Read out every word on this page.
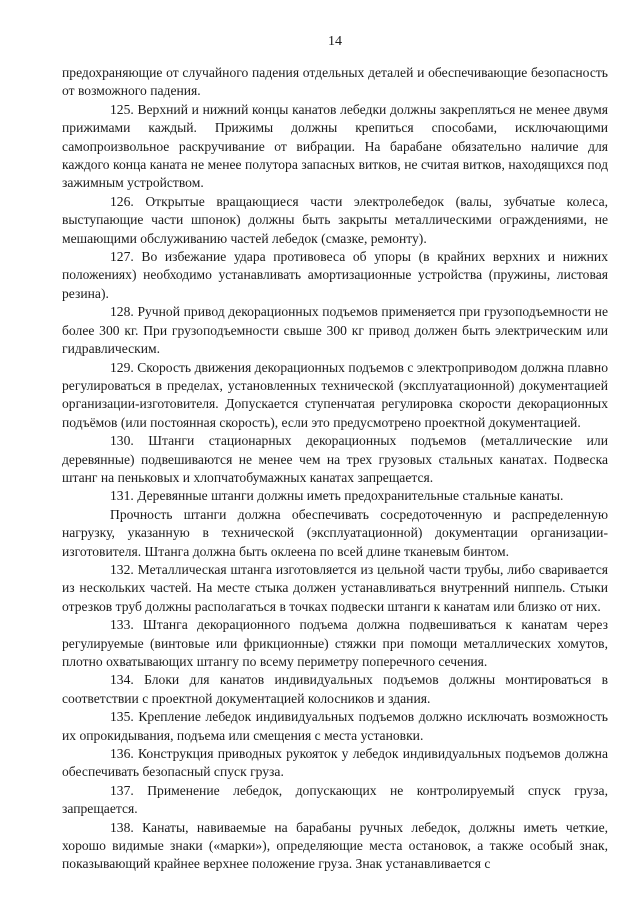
14

предохраняющие от случайного падения отдельных деталей и обеспечивающие безопасность от возможного падения.

125. Верхний и нижний концы канатов лебедки должны закрепляться не менее двумя прижимами каждый. Прижимы должны крепиться способами, исключающими самопроизвольное раскручивание от вибрации. На барабане обязательно наличие для каждого конца каната не менее полутора запасных витков, не считая витков, находящихся под зажимным устройством.

126. Открытые вращающиеся части электролебедок (валы, зубчатые колеса, выступающие части шпонок) должны быть закрыты металлическими ограждениями, не мешающими обслуживанию частей лебедок (смазке, ремонту).

127. Во избежание удара противовеса об упоры (в крайних верхних и нижних положениях) необходимо устанавливать амортизационные устройства (пружины, листовая резина).

128. Ручной привод декорационных подъемов применяется при грузоподъемности не более 300 кг. При грузоподъемности свыше 300 кг привод должен быть электрическим или гидравлическим.

129. Скорость движения декорационных подъемов с электроприводом должна плавно регулироваться в пределах, установленных технической (эксплуатационной) документацией организации-изготовителя. Допускается ступенчатая регулировка скорости декорационных подъёмов (или постоянная скорость), если это предусмотрено проектной документацией.

130. Штанги стационарных декорационных подъемов (металлические или деревянные) подвешиваются не менее чем на трех грузовых стальных канатах. Подвеска штанг на пеньковых и хлопчатобумажных канатах запрещается.

131. Деревянные штанги должны иметь предохранительные стальные канаты.

Прочность штанги должна обеспечивать сосредоточенную и распределенную нагрузку, указанную в технической (эксплуатационной) документации организации-изготовителя. Штанга должна быть оклеена по всей длине тканевым бинтом.

132. Металлическая штанга изготовляется из цельной части трубы, либо сваривается из нескольких частей. На месте стыка должен устанавливаться внутренний ниппель. Стыки отрезков труб должны располагаться в точках подвески штанги к канатам или близко от них.

133. Штанга декорационного подъема должна подвешиваться к канатам через регулируемые (винтовые или фрикционные) стяжки при помощи металлических хомутов, плотно охватывающих штангу по всему периметру поперечного сечения.

134. Блоки для канатов индивидуальных подъемов должны монтироваться в соответствии с проектной документацией колосников и здания.

135. Крепление лебедок индивидуальных подъемов должно исключать возможность их опрокидывания, подъема или смещения с места установки.

136. Конструкция приводных рукояток у лебедок индивидуальных подъемов должна обеспечивать безопасный спуск груза.

137. Применение лебедок, допускающих не контролируемый спуск груза, запрещается.

138. Канаты, навиваемые на барабаны ручных лебедок, должны иметь четкие, хорошо видимые знаки («марки»), определяющие места остановок, а также особый знак, показывающий крайнее верхнее положение груза. Знак устанавливается с
